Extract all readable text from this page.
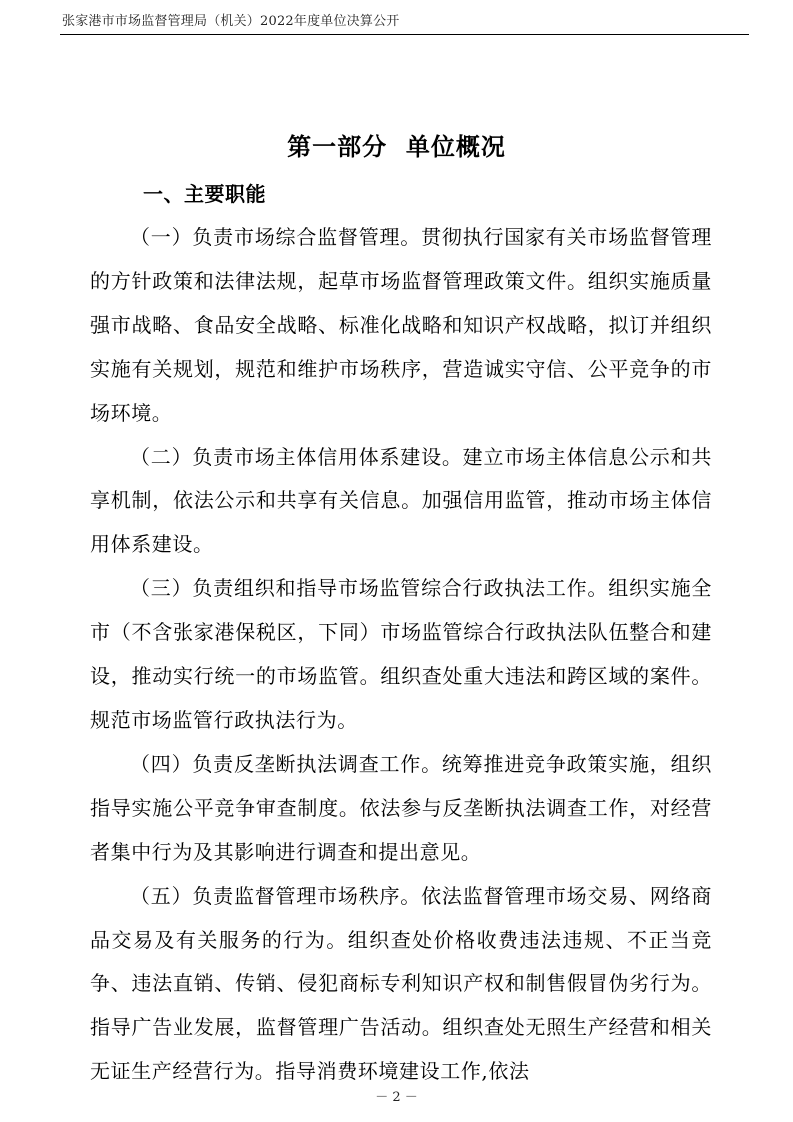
张家港市市场监督管理局（机关）2022年度单位决算公开
第一部分  单位概况
一、主要职能

（一）负责市场综合监督管理。贯彻执行国家有关市场监督管理的方针政策和法律法规，起草市场监督管理政策文件。组织实施质量强市战略、食品安全战略、标准化战略和知识产权战略，拟订并组织实施有关规划，规范和维护市场秩序，营造诚实守信、公平竞争的市场环境。

（二）负责市场主体信用体系建设。建立市场主体信息公示和共享机制，依法公示和共享有关信息。加强信用监管，推动市场主体信用体系建设。

（三）负责组织和指导市场监管综合行政执法工作。组织实施全市（不含张家港保税区，下同）市场监管综合行政执法队伍整合和建设，推动实行统一的市场监管。组织查处重大违法和跨区域的案件。规范市场监管行政执法行为。

（四）负责反垄断执法调查工作。统筹推进竞争政策实施，组织指导实施公平竞争审查制度。依法参与反垄断执法调查工作，对经营者集中行为及其影响进行调查和提出意见。

（五）负责监督管理市场秩序。依法监督管理市场交易、网络商品交易及有关服务的行为。组织查处价格收费违法违规、不正当竞争、违法直销、传销、侵犯商标专利知识产权和制售假冒伪劣行为。指导广告业发展，监督管理广告活动。组织查处无照生产经营和相关无证生产经营行为。指导消费环境建设工作,依法

－ 2 －
